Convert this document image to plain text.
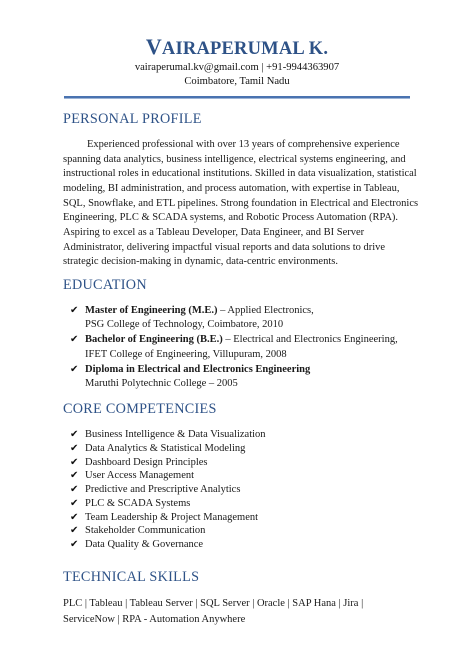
VAIRAPERUMAL K.
vairaperumal.kv@gmail.com | +91-9944363907
Coimbatore, Tamil Nadu
PERSONAL PROFILE
Experienced professional with over 13 years of comprehensive experience
spanning data analytics, business intelligence, electrical systems engineering, and
instructional roles in educational institutions. Skilled in data visualization, statistical
modeling, BI administration, and process automation, with expertise in Tableau,
SQL, Snowflake, and ETL pipelines. Strong foundation in Electrical and Electronics
Engineering, PLC & SCADA systems, and Robotic Process Automation (RPA).
Aspiring to excel as a Tableau Developer, Data Engineer, and BI Server
Administrator, delivering impactful visual reports and data solutions to drive
strategic decision-making in dynamic, data-centric environments.
EDUCATION
✔ Master of Engineering (M.E.) – Applied Electronics,
PSG College of Technology, Coimbatore, 2010
✔ Bachelor of Engineering (B.E.) – Electrical and Electronics Engineering,
IFET College of Engineering, Villupuram, 2008
✔ Diploma in Electrical and Electronics Engineering
Maruthi Polytechnic College – 2005
CORE COMPETENCIES
✔ Business Intelligence & Data Visualization
✔ Data Analytics & Statistical Modeling
✔ Dashboard Design Principles
✔ User Access Management
✔ Predictive and Prescriptive Analytics
✔ PLC & SCADA Systems
✔ Team Leadership & Project Management
✔ Stakeholder Communication
✔ Data Quality & Governance
TECHNICAL SKILLS
PLC | Tableau | Tableau Server | SQL Server | Oracle | SAP Hana | Jira |
ServiceNow | RPA - Automation Anywhere
